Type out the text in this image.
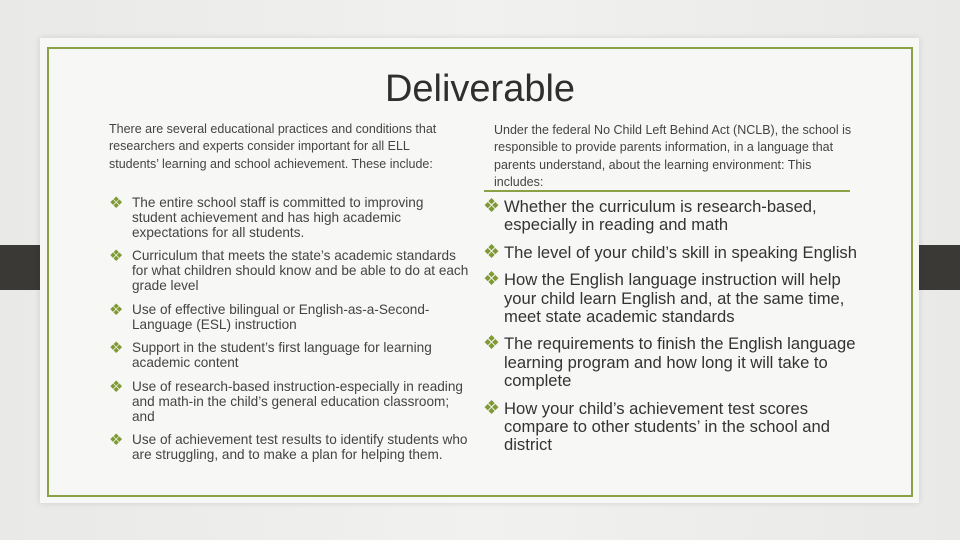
Deliverable
There are several educational practices and conditions that researchers and experts consider important for all ELL students’ learning and school achievement. These include:
Under the federal No Child Left Behind Act (NCLB), the school is responsible to provide parents information, in a language that parents understand, about the learning environment: This includes:
❖ The entire school staff is committed to improving student achievement and has high academic expectations for all students.
❖ Curriculum that meets the state’s academic standards for what children should know and be able to do at each grade level
❖ Use of effective bilingual or English-as-a-Second-Language (ESL) instruction
❖ Support in the student’s first language for learning academic content
❖ Use of research-based instruction-especially in reading and math-in the child’s general education classroom; and
❖ Use of achievement test results to identify students who are struggling, and to make a plan for helping them.
❖ Whether the curriculum is research-based, especially in reading and math
❖ The level of your child’s skill in speaking English
❖ How the English language instruction will help your child learn English and, at the same time, meet state academic standards
❖ The requirements to finish the English language learning program and how long it will take to complete
❖ How your child’s achievement test scores compare to other students’ in the school and district
